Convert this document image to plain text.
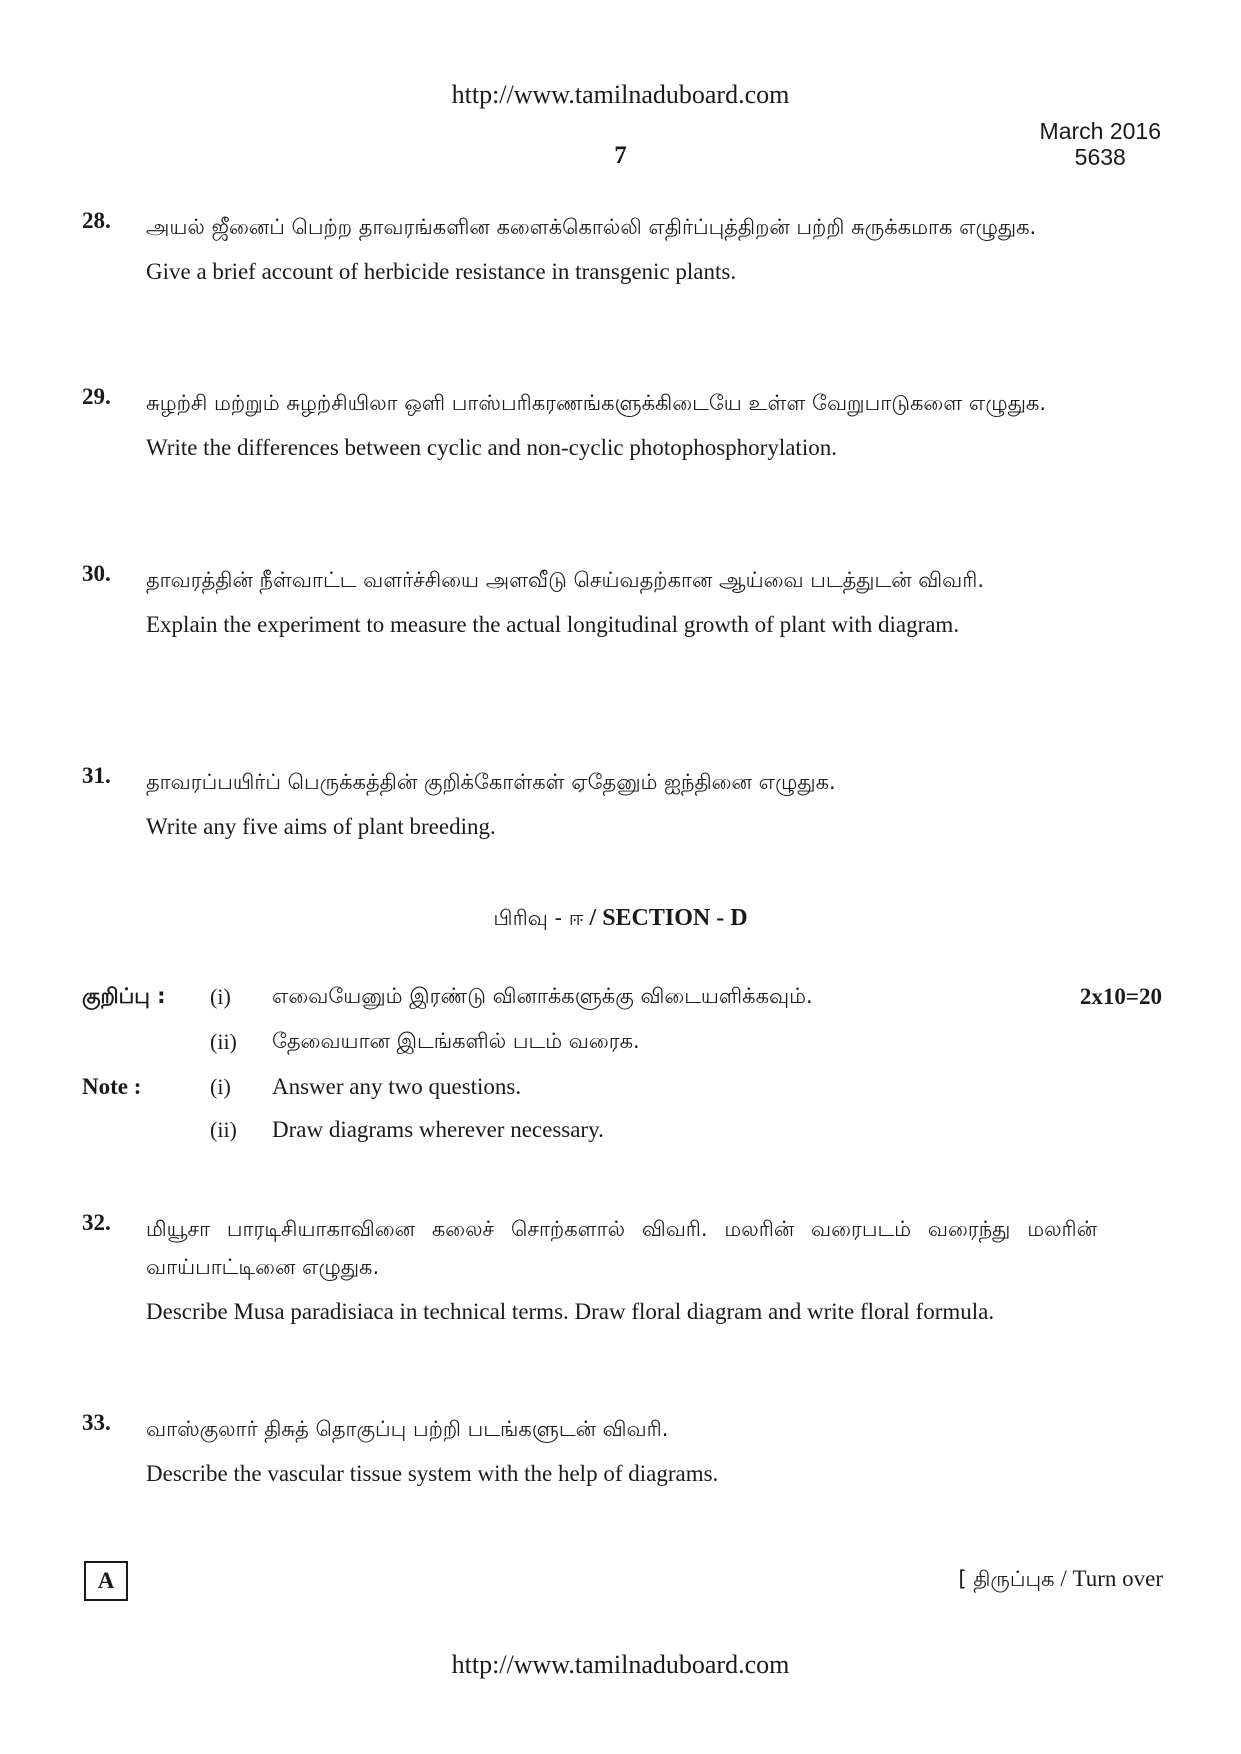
http://www.tamilnaduboard.com
March 2016
5638
7
28. அயல் ஜீனைப் பெற்ற தாவரங்களின களைக்கொல்லி எதிர்ப்புத்திறன் பற்றி சுருக்கமாக எழுதுக.
Give a brief account of herbicide resistance in transgenic plants.
29. சுழற்சி மற்றும் சுழற்சியிலா ஒளி பாஸ்பரிகரணங்களுக்கிடையே உள்ள வேறுபாடுகளை எழுதுக.
Write the differences between cyclic and non-cyclic photophosphorylation.
30. தாவரத்தின் நீள்வாட்ட வளர்ச்சியை அளவீடு செய்வதற்கான ஆய்வை படத்துடன் விவரி.
Explain the experiment to measure the actual longitudinal growth of plant with diagram.
31. தாவரப்பயிர்ப் பெருக்கத்தின் குறிக்கோள்கள் ஏதேனும் ஐந்தினை எழுதுக.
Write any five aims of plant breeding.
பிரிவு - ஈ / SECTION - D
குறிப்பு : (i) எவையேனும் இரண்டு வினாக்களுக்கு விடையளிக்கவும்.	2x10=20
(ii) தேவையான இடங்களில் படம் வரைக.
Note :	(i) Answer any two questions.
(ii) Draw diagrams wherever necessary.
32. மியூசா பாரடிசியாகாவினை கலைச் சொற்களால் விவரி. மலரின் வரைபடம் வரைந்து மலரின் வாய்பாட்டினை எழுதுக.
Describe Musa paradisiaca in technical terms. Draw floral diagram and write floral formula.
33. வாஸ்குலார் திசுத் தொகுப்பு பற்றி படங்களுடன் விவரி.
Describe the vascular tissue system with the help of diagrams.
A	[ திருப்புக / Turn over
http://www.tamilnaduboard.com
